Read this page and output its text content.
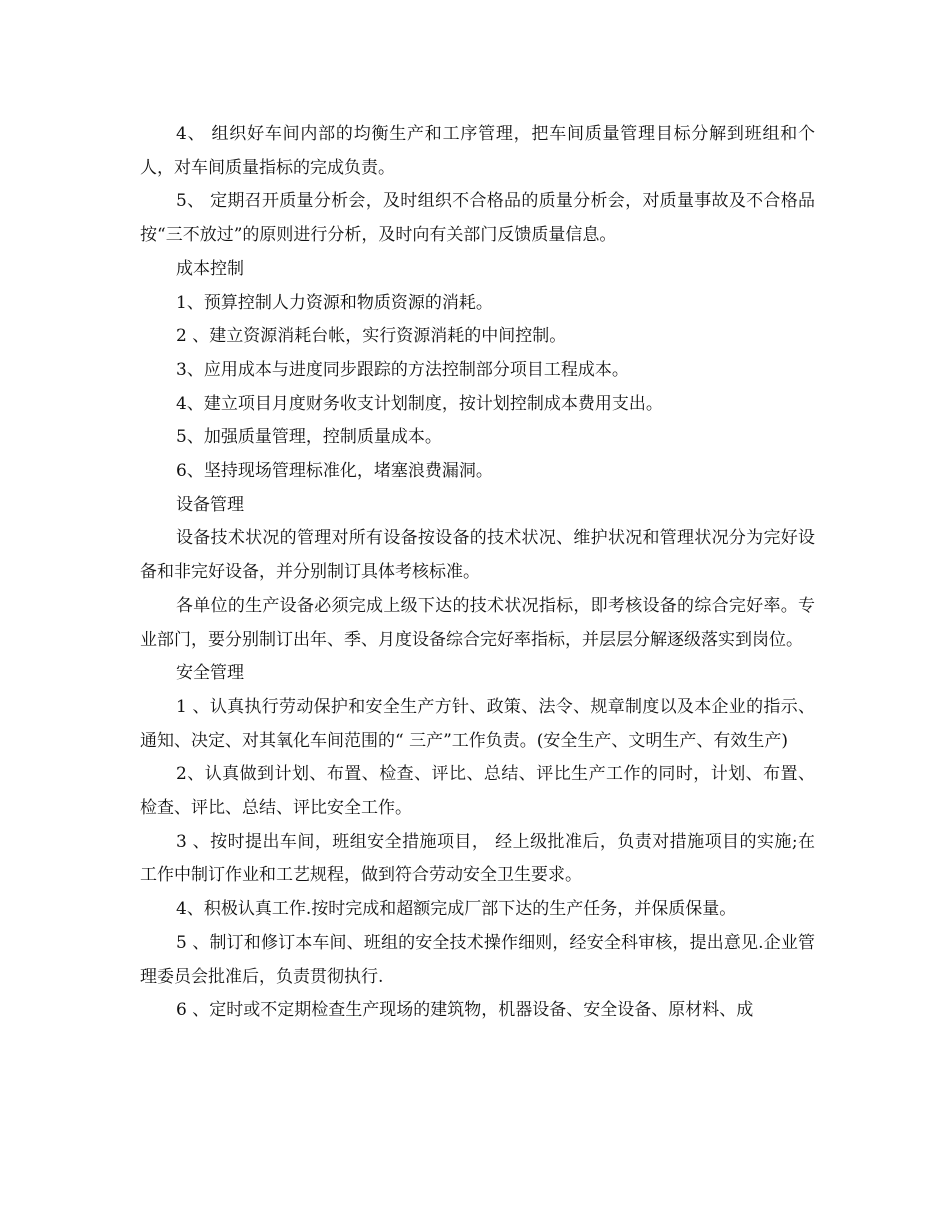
4、 组织好车间内部的均衡生产和工序管理，把车间质量管理目标分解到班组和个人，对车间质量指标的完成负责。

5、 定期召开质量分析会，及时组织不合格品的质量分析会，对质量事故及不合格品按“三不放过”的原则进行分析，及时向有关部门反馈质量信息。

成本控制

1、预算控制人力资源和物质资源的消耗。

2 、建立资源消耗台帐，实行资源消耗的中间控制。

3、应用成本与进度同步跟踪的方法控制部分项目工程成本。

4、建立项目月度财务收支计划制度，按计划控制成本费用支出。

5、加强质量管理，控制质量成本。

6、坚持现场管理标准化，堵塞浪费漏洞。

设备管理

设备技术状况的管理对所有设备按设备的技术状况、维护状况和管理状况分为完好设备和非完好设备，并分别制订具体考核标准。

各单位的生产设备必须完成上级下达的技术状况指标，即考核设备的综合完好率。专业部门，要分别制订出年、季、月度设备综合完好率指标，并层层分解逐级落实到岗位。

安全管理

1 、认真执行劳动保护和安全生产方针、政策、法令、规章制度以及本企业的指示、通知、决定、对其氧化车间范围的“ 三产”工作负责。(安全生产、文明生产、有效生产)

2、认真做到计划、布置、检查、评比、总结、评比生产工作的同时，计划、布置、检查、评比、总结、评比安全工作。

3 、按时提出车间，班组安全措施项目， 经上级批准后，负责对措施项目的实施;在工作中制订作业和工艺规程，做到符合劳动安全卫生要求。

4、积极认真工作.按时完成和超额完成厂部下达的生产任务，并保质保量。

5 、制订和修订本车间、班组的安全技术操作细则，经安全科审核，提出意见.企业管理委员会批准后，负责贯彻执行.

6 、定时或不定期检查生产现场的建筑物，机器设备、安全设备、原材料、成
